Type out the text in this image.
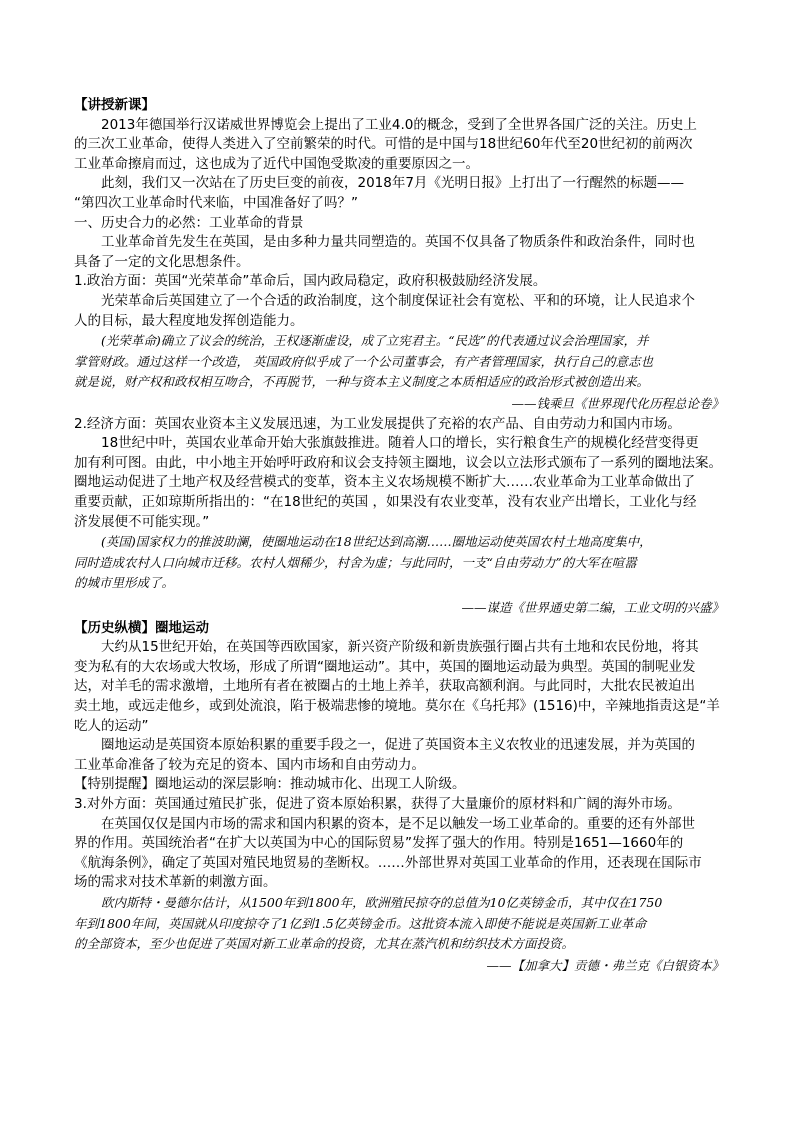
【讲授新课】
2013年德国举行汉诺威世界博览会上提出了工业4.0的概念，受到了全世界各国广泛的关注。历史上
的三次工业革命，使得人类进入了空前繁荣的时代。可惜的是中国与18世纪60年代至20世纪初的前两次
工业革命擦肩而过，这也成为了近代中国饱受欺凌的重要原因之一。
此刻，我们又一次站在了历史巨变的前夜，2018年7月《光明日报》上打出了一行醒然的标题——
“第四次工业革命时代来临，中国准备好了吗？”
一、历史合力的必然：工业革命的背景
工业革命首先发生在英国，是由多种力量共同塑造的。英国不仅具备了物质条件和政治条件，同时也
具备了一定的文化思想条件。
1.政治方面：英国“光荣革命”革命后，国内政局稳定，政府积极鼓励经济发展。
光荣革命后英国建立了一个合适的政治制度，这个制度保证社会有宽松、平和的环境，让人民追求个
人的目标，最大程度地发挥创造能力。
(光荣革命)确立了议会的统治，王权逐渐虚设，成了立宪君主。“民选”的代表通过议会治理国家，并
掌管财政。通过这样一个改造， 英国政府似乎成了一个公司董事会，有产者管理国家，执行自己的意志也
就是说，财产权和政权相互吻合，不再脱节，一种与资本主义制度之本质相适应的政治形式被创造出来。
——钱乘旦《世界现代化历程总论卷》
2.经济方面：英国农业资本主义发展迅速，为工业发展提供了充裕的农产品、自由劳动力和国内市场。
18世纪中叶，英国农业革命开始大张旗鼓推进。随着人口的增长，实行粮食生产的规模化经营变得更
加有利可图。由此，中小地主开始呼吁政府和议会支持领主圈地，议会以立法形式颁布了一系列的圈地法案。
圈地运动促进了土地产权及经营模式的变革，资本主义农场规模不断扩大……农业革命为工业革命做出了
重要贡献，正如琼斯所指出的：“在18世纪的英国 ，如果没有农业变革，没有农业产出增长，工业化与经
济发展便不可能实现。”
(英国)国家权力的推波助澜，使圈地运动在18世纪达到高潮……圈地运动使英国农村土地高度集中，
同时造成农村人口向城市迁移。农村人烟稀少，村舍为虚；与此同时，一支“自由劳动力”的大军在喧嚣
的城市里形成了。
——谋造《世界通史第二编，工业文明的兴盛》
【历史纵横】圈地运动
大约从15世纪开始，在英国等西欧国家，新兴资产阶级和新贵族强行圈占共有土地和农民份地，将其
变为私有的大农场或大牧场，形成了所谓“圈地运动”。其中，英国的圈地运动最为典型。英国的制呢业发
达，对羊毛的需求激增，土地所有者在被圈占的土地上养羊，获取高额利润。与此同时，大批农民被迫出
卖土地，或远走他乡，或到处流浪，陷于极端悲惨的境地。莫尔在《乌托邦》(1516)中，辛辣地指责这是“羊
吃人的运动”
圈地运动是英国资本原始积累的重要手段之一，促进了英国资本主义农牧业的迅速发展，并为英国的
工业革命准备了较为充足的资本、国内市场和自由劳动力。
【特别提醒】圈地运动的深层影响：推动城市化、出现工人阶级。
3.对外方面：英国通过殖民扩张，促进了资本原始积累，获得了大量廉价的原材料和广阔的海外市场。
在英国仅仅是国内市场的需求和国内积累的资本，是不足以触发一场工业革命的。重要的还有外部世
界的作用。英国统治者“在扩大以英国为中心的国际贸易”发挥了强大的作用。特别是1651—1660年的
《航海条例》，确定了英国对殖民地贸易的垄断权。……外部世界对英国工业革命的作用，还表现在国际市
场的需求对技术革新的刺激方面。
欧内斯特・曼德尔估计，从1500年到1800年，欧洲殖民掠夺的总值为10亿英镑金币，其中仅在1750
年到1800年间，英国就从印度掠夺了1亿到1.5亿英镑金币。这批资本流入即使不能说是英国新工业革命
的全部资本，至少也促进了英国对新工业革命的投资，尤其在蒸汽机和纺织技术方面投资。
——【加拿大】贡德・弗兰克《白银资本》
